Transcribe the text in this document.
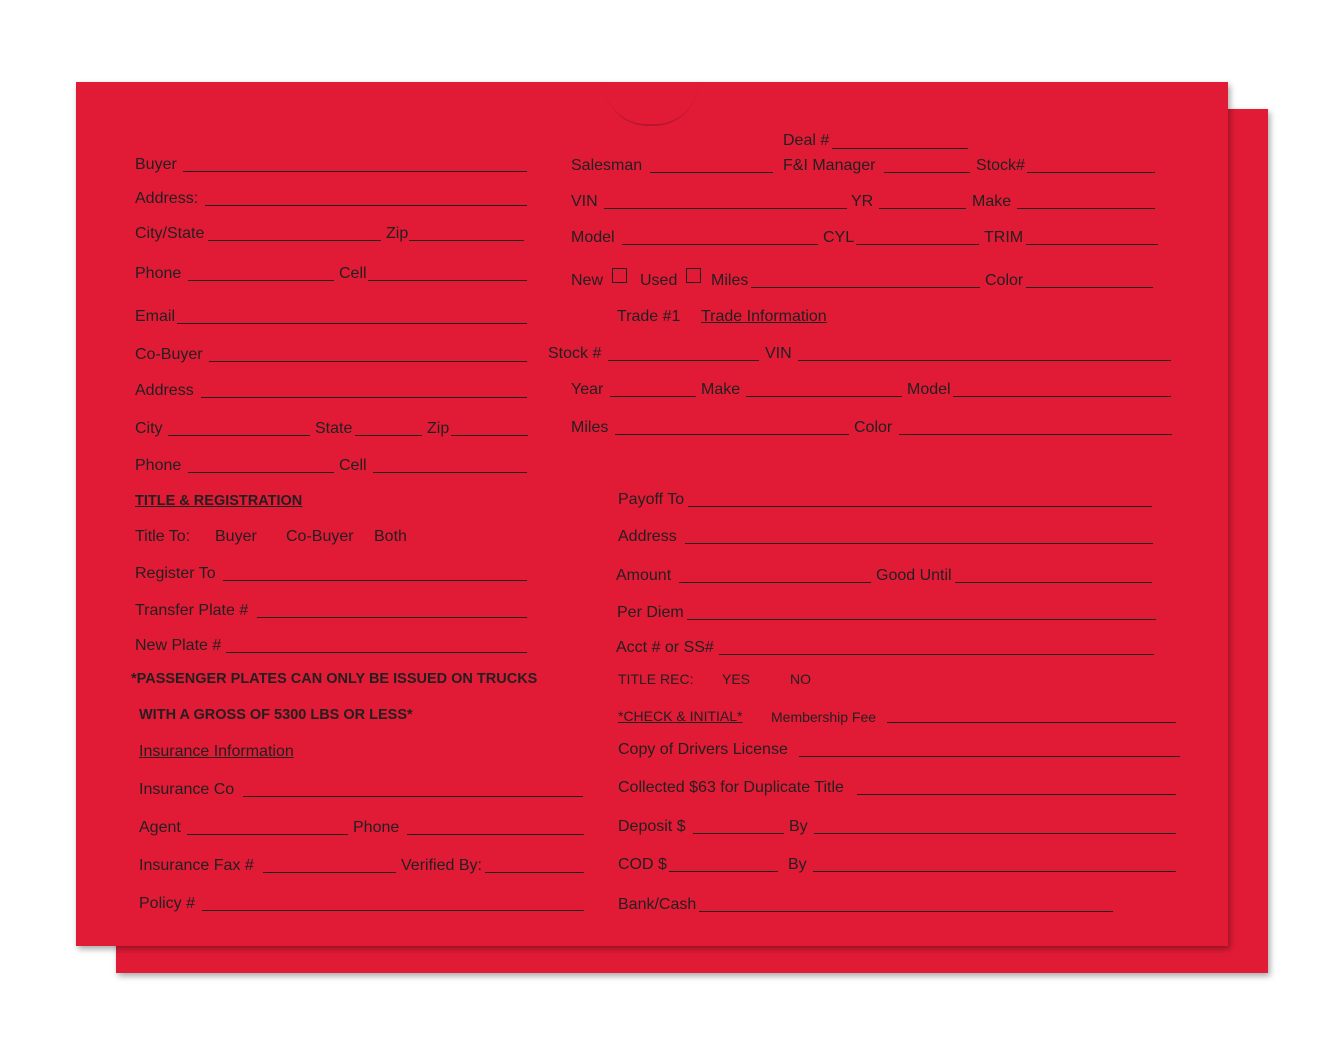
Buyer
Address:
City/State	Zip
Phone	Cell
Email
Co-Buyer
Address
City	State	Zip
Phone	Cell
TITLE & REGISTRATION
Title To: Buyer Co-Buyer Both
Register To
Transfer Plate #
New Plate #
*PASSENGER PLATES CAN ONLY BE ISSUED ON TRUCKS
WITH A GROSS OF 5300 LBS OR LESS*
Insurance Information
Insurance Co
Agent	Phone
Insurance Fax #	Verified By:
Policy #
Deal #
Salesman	F&I Manager	Stock#
VIN	YR	Make
Model	CYL	TRIM
New Used Miles	Color
Trade #1 Trade Information
Stock #	VIN
Year	Make	Model
Miles	Color
Payoff To
Address
Amount	Good Until
Per Diem
Acct # or SS#
TITLE REC: YES	NO
*CHECK & INITIAL* Membership Fee
Copy of Drivers License
Collected $63 for Duplicate Title
Deposit $	By
COD $	By
Bank/Cash
